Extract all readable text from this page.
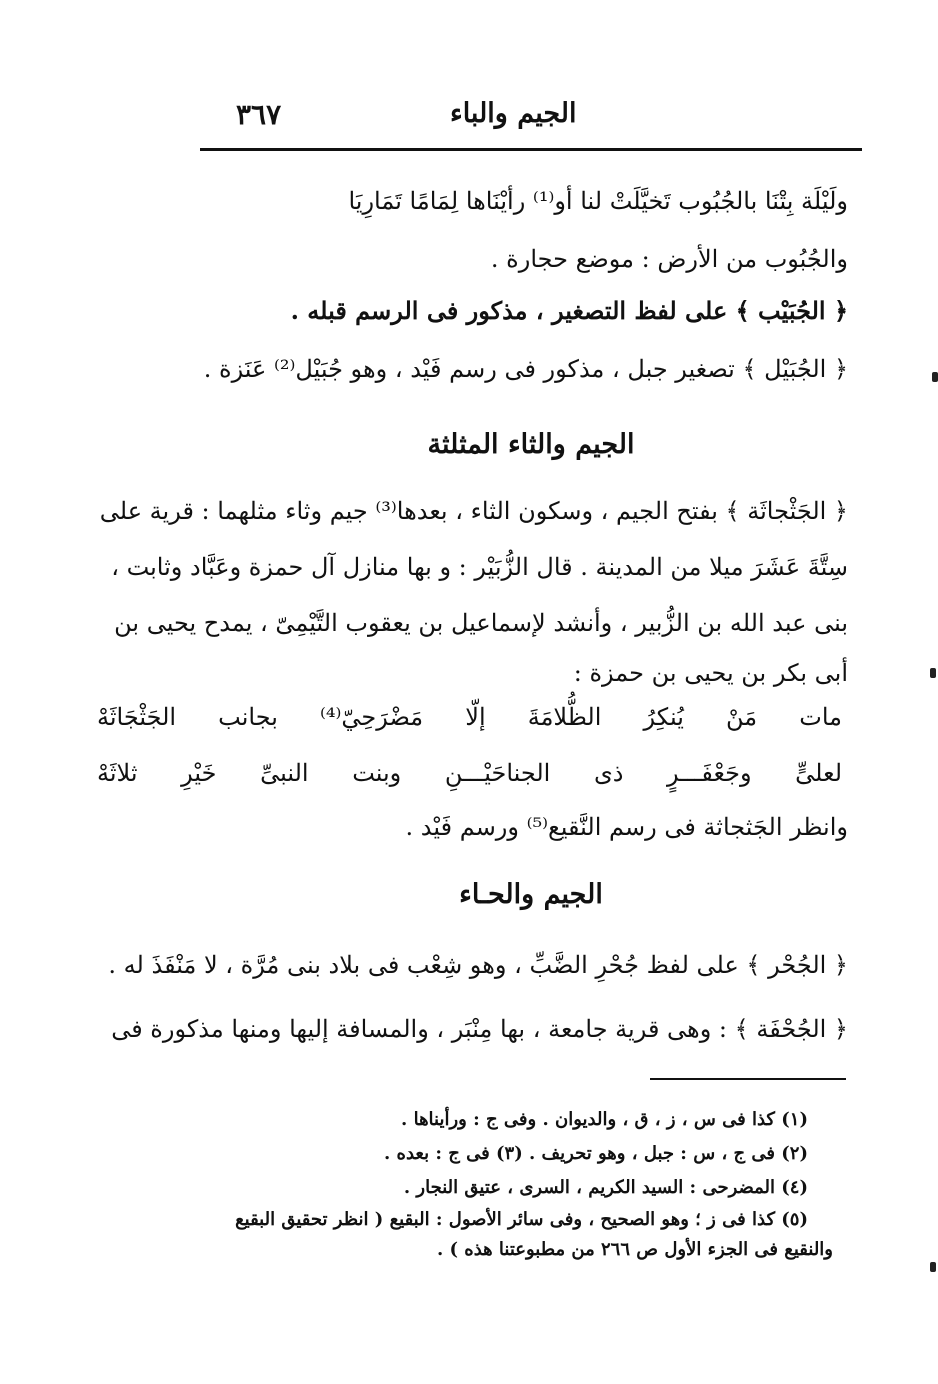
٣٦٧	الجيم والباء
ولَيْلَة بِتْنَا بالجُبُوب تَخيَّلَتْ لنا أو⁽¹⁾ رأيْنَاها لِمَامًا تَمَارِيَا
والجُبُوب من الأرض : موضع حجارة .
﴿ الجُبَيْب ﴾ على لفظ التصغير ، مذكور فى الرسم قبله .
﴿ الجُبَيْل ﴾ تصغير جبل ، مذكور فى رسم فَيْد ، وهو جُبَيْل⁽²⁾ عَنَزة .
الجيم والثاء المثلثة
﴿ الجَثْجاثَة ﴾ بفتح الجيم ، وسكون الثاء ، بعدها⁽³⁾ جيم وثاء مثلهما : قرية على
سِتَّةَ عَشَرَ ميلا من المدينة . قال الزُّبَيْر : و بها منازل آل حمزة وعَبَّاد وثابت ،
بنى عبد الله بن الزُّبير ، وأنشد لإسماعيل بن يعقوب التَّيْمِىّ ، يمدح يحيى بن
أبى بكر بن يحيى بن حمزة :
مات مَنْ يُنكِرُ الظُّلامَةَ إلّا مَضْرَحِيّ⁽⁴⁾ بجانب الجَثْجَاثَهْ
لعلىٍّ وجَعْفَـــرٍ ذى الجناحَيْـــنِ وبنت النبىِّ خَيْرِ ثلاثَهْ
وانظر الجَثجاثة فى رسم النَّقيع⁽⁵⁾ ورسم فَيْد .
الجيم والحـاء
﴿ الجُحْر ﴾ على لفظ جُحْرِ الضَّبِّ ، وهو شِعْب فى بلاد بنى مُرَّة ، لا مَنْفَذَ له .
﴿ الجُحْفَة ﴾ : وهى قرية جامعة ، بها مِنْبَر ، والمسافة إليها ومنها مذكورة فى
(١) كذا فى س ، ز ، ق ، والديوان . وفى ج : ورأيناها .
(٢) فى ج ، س : جبل ، وهو تحريف . (٣) فى ج : بعده .
(٤) المضرحى : السيد الكريم ، السرى ، عتيق النجار .
(٥) كذا فى ز ؛ وهو الصحيح ، وفى سائر الأصول : البقيع ( انظر تحقيق البقيع
والنقيع فى الجزء الأول ص ٢٦٦ من مطبوعتنا هذه ) .
